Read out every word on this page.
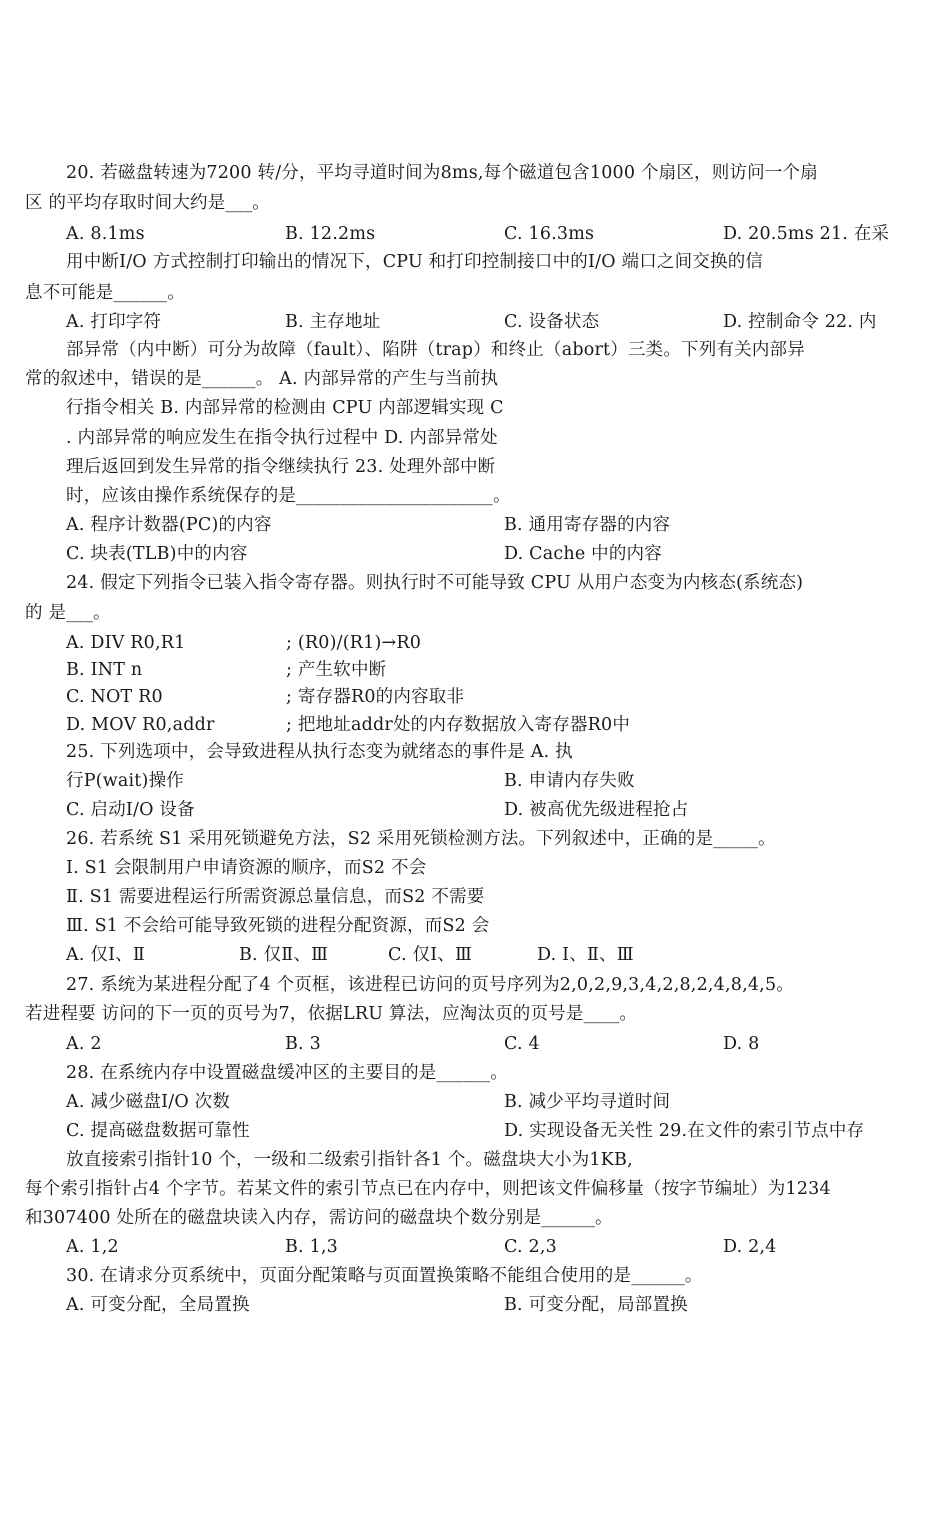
20. 若磁盘转速为7200 转/分，平均寻道时间为8ms,每个磁道包含1000 个扇区，则访问一个扇
区 的平均存取时间大约是___。
A. 8.1ms	B. 12.2ms	C. 16.3ms	D. 20.5ms 21. 在采
用中断I/O 方式控制打印输出的情况下，CPU 和打印控制接口中的I/O 端口之间交换的信
息不可能是______。
A. 打印字符	B. 主存地址	C. 设备状态	D. 控制命令 22. 内
部异常（内中断）可分为故障（fault）、陷阱（trap）和终止（abort）三类。下列有关内部异
常的叙述中，错误的是______。 A. 内部异常的产生与当前执
行指令相关 B. 内部异常的检测由 CPU 内部逻辑实现 C
. 内部异常的响应发生在指令执行过程中 D. 内部异常处
理后返回到发生异常的指令继续执行 23. 处理外部中断
时，应该由操作系统保存的是______________________。
A. 程序计数器(PC)的内容	B. 通用寄存器的内容
C. 块表(TLB)中的内容	D. Cache 中的内容
24. 假定下列指令已装入指令寄存器。则执行时不可能导致 CPU 从用户态变为内核态(系统态)
的 是___。
A. DIV R0,R1	; (R0)/(R1)→R0
B. INT n	; 产生软中断
C. NOT R0	; 寄存器R0的内容取非
D. MOV R0,addr	; 把地址addr处的内存数据放入寄存器R0中
25. 下列选项中，会导致进程从执行态变为就绪态的事件是 A. 执
行P(wait)操作	B. 申请内存失败
C. 启动I/O 设备	D. 被高优先级进程抢占
26. 若系统 S1 采用死锁避免方法，S2 采用死锁检测方法。下列叙述中，正确的是_____。
Ⅰ. S1 会限制用户申请资源的顺序，而S2 不会
Ⅱ. S1 需要进程运行所需资源总量信息，而S2 不需要
Ⅲ. S1 不会给可能导致死锁的进程分配资源，而S2 会
A. 仅Ⅰ、Ⅱ	B. 仅Ⅱ、Ⅲ	C. 仅Ⅰ、Ⅲ	D. Ⅰ、Ⅱ、Ⅲ
27. 系统为某进程分配了4 个页框，该进程已访问的页号序列为2,0,2,9,3,4,2,8,2,4,8,4,5。
若进程要 访问的下一页的页号为7，依据LRU 算法，应淘汰页的页号是____。
A. 2	B. 3	C. 4	D. 8
28. 在系统内存中设置磁盘缓冲区的主要目的是______。
A. 减少磁盘I/O 次数	B. 减少平均寻道时间
C. 提高磁盘数据可靠性	D. 实现设备无关性 29.在文件的索引节点中存
放直接索引指针10 个，一级和二级索引指针各1 个。磁盘块大小为1KB,
每个索引指针占4 个字节。若某文件的索引节点已在内存中，则把该文件偏移量（按字节编址）为1234
和307400 处所在的磁盘块读入内存，需访问的磁盘块个数分别是______。
A. 1,2	B. 1,3	C. 2,3	D. 2,4
30. 在请求分页系统中，页面分配策略与页面置换策略不能组合使用的是______。
A. 可变分配，全局置换	B. 可变分配，局部置换
